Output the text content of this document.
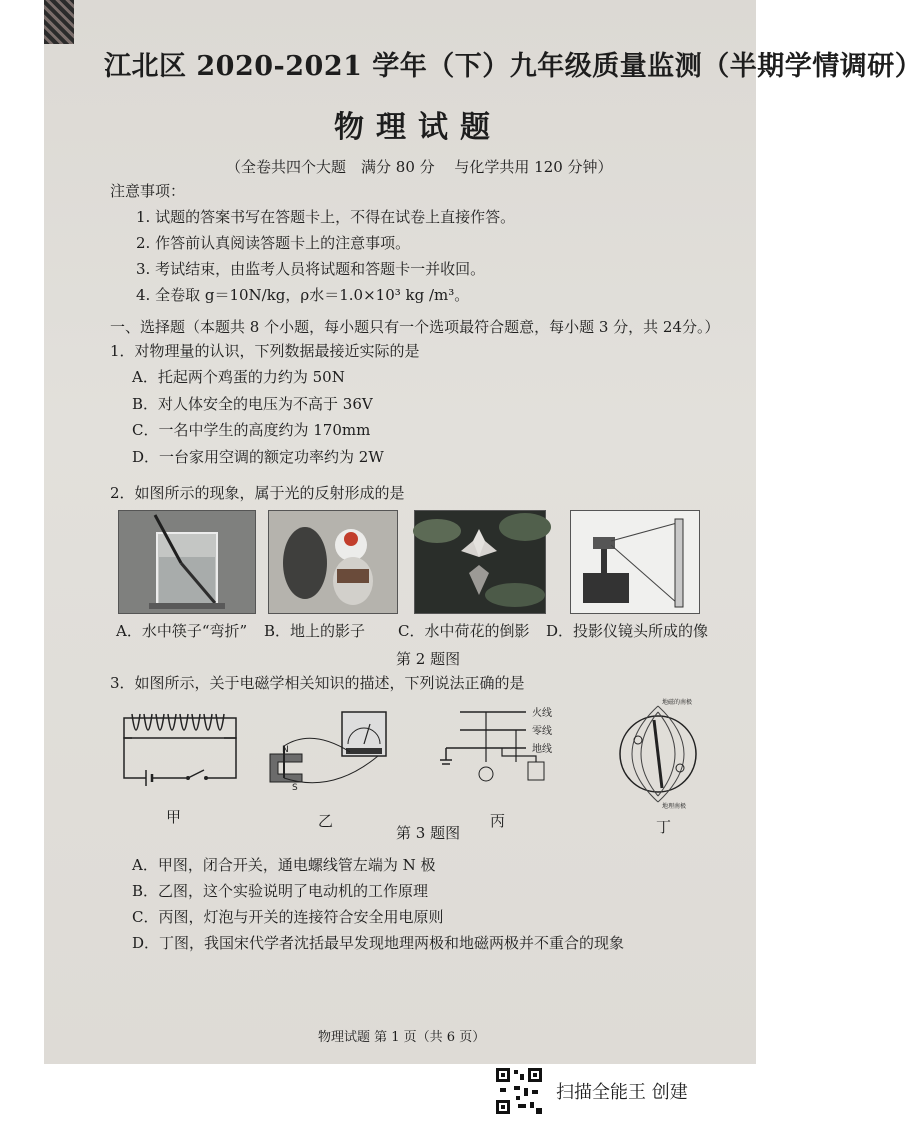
江北区 2020-2021 学年（下）九年级质量监测（半期学情调研）
物理试题
（全卷共四个大题　满分 80 分　 与化学共用 120 分钟）
注意事项：
1. 试题的答案书写在答题卡上，不得在试卷上直接作答。
2. 作答前认真阅读答题卡上的注意事项。
3. 考试结束，由监考人员将试题和答题卡一并收回。
4. 全卷取 g＝10N/kg，ρ水＝1.0×10³ kg /m³。
一、选择题（本题共 8 个小题，每小题只有一个选项最符合题意，每小题 3 分，共 24分。）
1．对物理量的认识，下列数据最接近实际的是
A．托起两个鸡蛋的力约为 50N
B．对人体安全的电压为不高于 36V
C．一名中学生的高度约为 170mm
D．一台家用空调的额定功率约为 2W
2．如图所示的现象，属于光的反射形成的是
A．水中筷子“弯折” B．地上的影子 C．水中荷花的倒影 D．投影仪镜头所成的像
第 2 题图
3．如图所示，关于电磁学相关知识的描述，下列说法正确的是
甲
N
S
乙
火线
零线
地线
丙
地磁的南极
地理南极
丁
第 3 题图
A．甲图，闭合开关，通电螺线管左端为 N 极
B．乙图，这个实验说明了电动机的工作原理
C．丙图，灯泡与开关的连接符合安全用电原则
D．丁图，我国宋代学者沈括最早发现地理两极和地磁两极并不重合的现象
物理试题 第 1 页（共 6 页）
扫描全能王 创建
